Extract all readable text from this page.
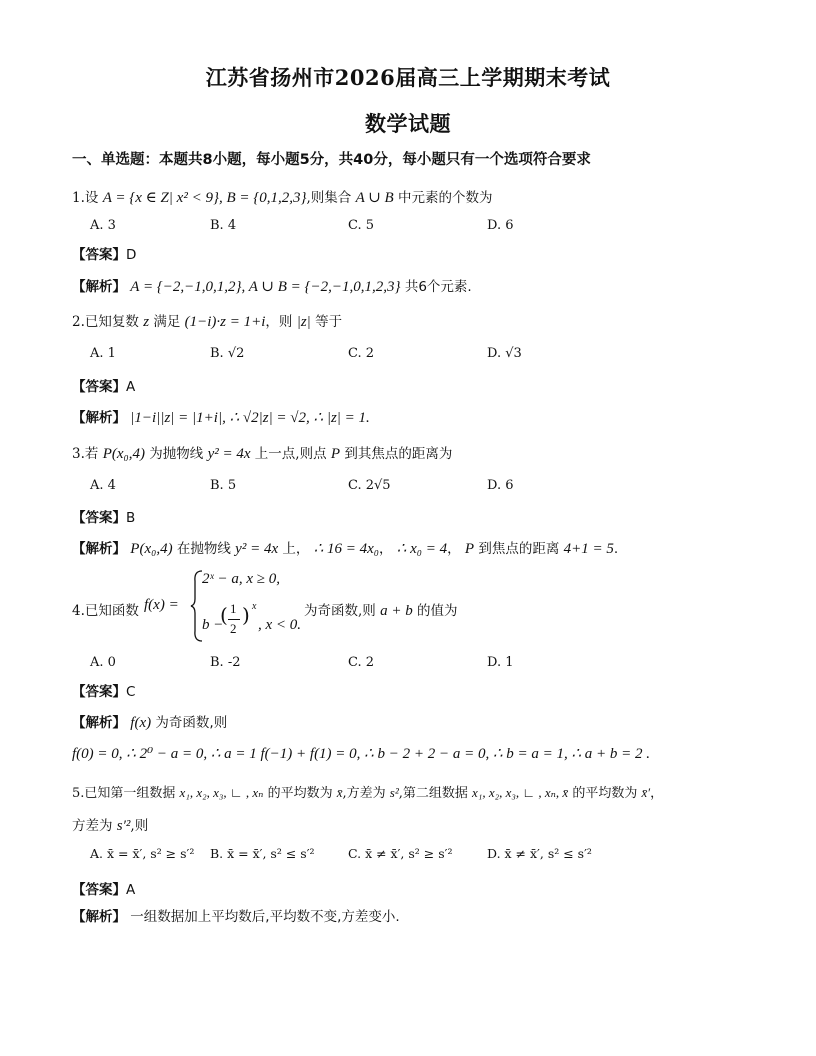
江苏省扬州市2026届高三上学期期末考试
数学试题
一、单选题：本题共8小题，每小题5分，共40分，每小题只有一个选项符合要求
1.设 A = {x ∈ Z| x² < 9}, B = {0,1,2,3},则集合 A ∪ B 中元素的个数为
A. 3	B. 4	C. 5	D. 6
【答案】D
【解析】 A = {−2,−1,0,1,2}, A ∪ B = {−2,−1,0,1,2,3} 共6个元素.
2.已知复数 z 满足 (1−i)·z = 1+i，则 |z| 等于
A. 1	B. √2	C. 2	D. √3
【答案】A
【解析】 |1−i||z| = |1+i|, ∴ √2|z| = √2, ∴ |z| = 1.
3.若 P(x₀,4) 为抛物线 y² = 4x 上一点,则点 P 到其焦点的距离为
A. 4	B. 5	C. 2√5	D. 6
【答案】B
【解析】 P(x₀,4) 在抛物线 y² = 4x 上， ∴ 16 = 4x₀， ∴ x₀ = 4， P 到焦点的距离 4+1 = 5.
4.已知函数 f(x) =
2ˣ − a, x ≥ 0,
b −
( 1
2
) x
, x < 0.
为奇函数,则 a + b 的值为
A. 0	B. -2	C. 2	D. 1
【答案】C
【解析】 f(x) 为奇函数,则
f(0) = 0, ∴ 2⁰ − a = 0, ∴ a = 1 f(−1) + f(1) = 0, ∴ b − 2 + 2 − a = 0, ∴ b = a = 1, ∴ a + b = 2 .
5.已知第一组数据 x₁, x₂, x₃, ∟ , xₙ 的平均数为 x̄,方差为 s²,第二组数据 x₁, x₂, x₃, ∟ , xₙ, x̄ 的平均数为 x̄′，
方差为 s′²,则
A. x̄ = x̄′, s² ≥ s′² B. x̄ = x̄′, s² ≤ s′²	C. x̄ ≠ x̄′, s² ≥ s′²	D. x̄ ≠ x̄′, s² ≤ s′²
【答案】A
【解析】 一组数据加上平均数后,平均数不变,方差变小.
